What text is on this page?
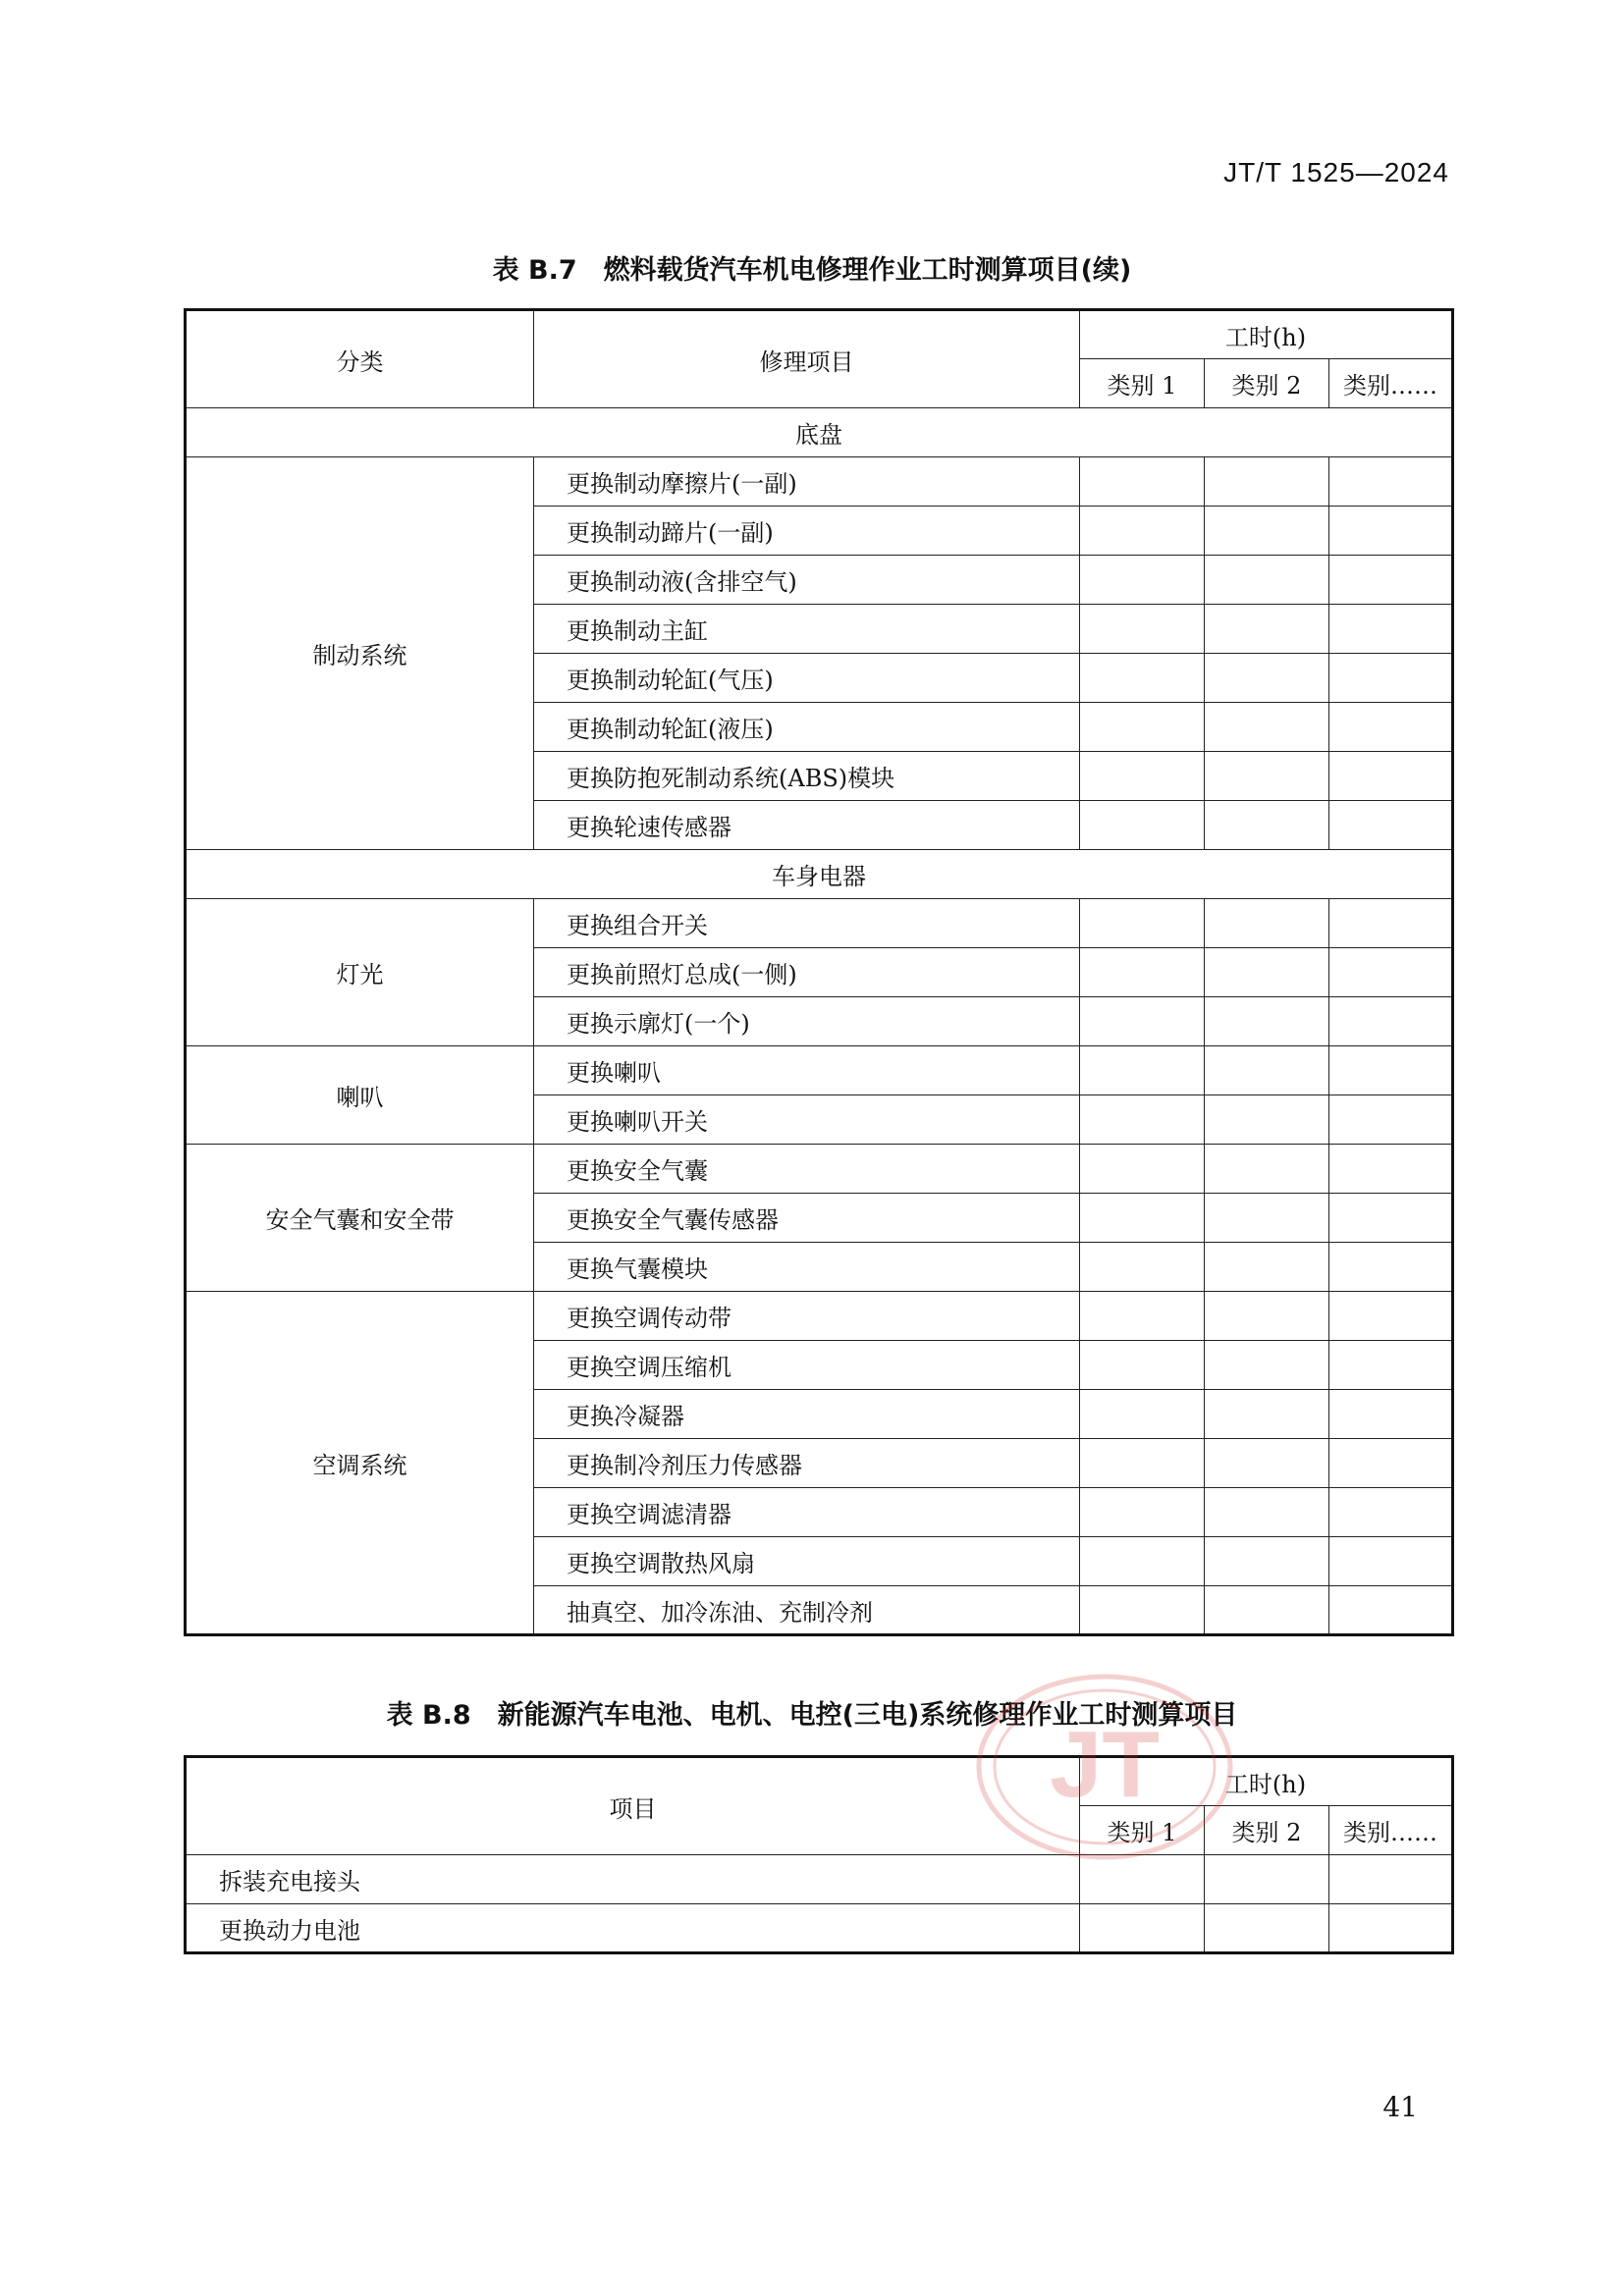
JT/T 1525—2024
表 B.7　燃料载货汽车机电修理作业工时测算项目(续)
分类	修理项目	工时(h)		
		类别 1	类别 2	类别……
底盘				
制动系统	更换制动摩擦片(一副)			
	更换制动蹄片(一副)			
	更换制动液(含排空气)			
	更换制动主缸			
	更换制动轮缸(气压)			
	更换制动轮缸(液压)			
	更换防抱死制动系统(ABS)模块			
	更换轮速传感器			
车身电器				
灯光	更换组合开关			
	更换前照灯总成(一侧)			
	更换示廓灯(一个)			
喇叭	更换喇叭			
	更换喇叭开关			
安全气囊和安全带	更换安全气囊			
	更换安全气囊传感器			
	更换气囊模块			
空调系统	更换空调传动带			
	更换空调压缩机			
	更换冷凝器			
	更换制冷剂压力传感器			
	更换空调滤清器			
	更换空调散热风扇			
	抽真空、加冷冻油、充制冷剂			
表 B.8　新能源汽车电池、电机、电控(三电)系统修理作业工时测算项目
项目	工时(h)		
	类别 1	类别 2	类别……
拆装充电接头			
更换动力电池			
JT
41
